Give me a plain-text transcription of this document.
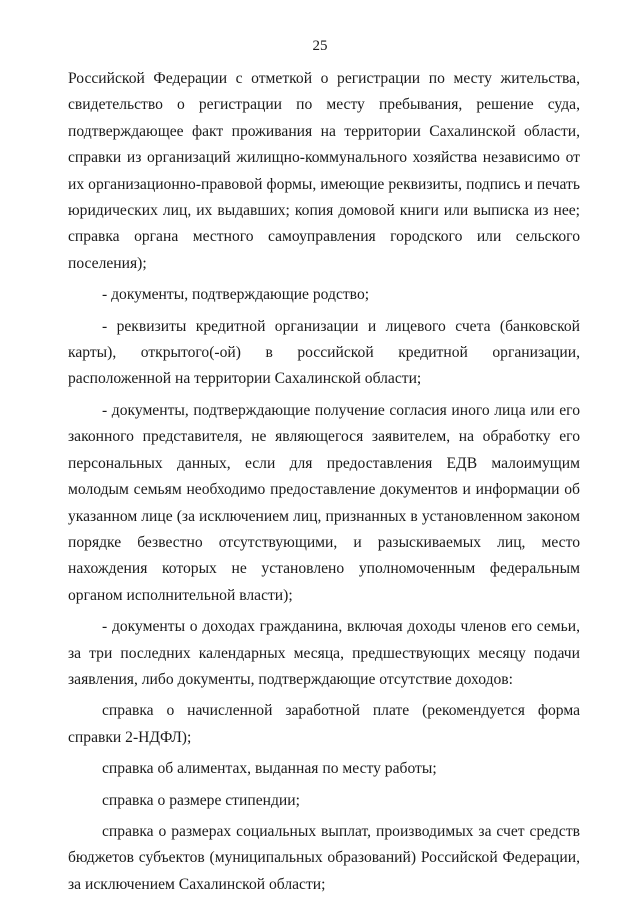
25

Российской Федерации с отметкой о регистрации по месту жительства, свидетельство о регистрации по месту пребывания, решение суда, подтверждающее факт проживания на территории Сахалинской области, справки из организаций жилищно-коммунального хозяйства независимо от их организационно-правовой формы, имеющие реквизиты, подпись и печать юридических лиц, их выдавших; копия домовой книги или выписка из нее; справка органа местного самоуправления городского или сельского поселения);

- документы, подтверждающие родство;

- реквизиты кредитной организации и лицевого счета (банковской карты), открытого(-ой) в российской кредитной организации, расположенной на территории Сахалинской области;

- документы, подтверждающие получение согласия иного лица или его законного представителя, не являющегося заявителем, на обработку его персональных данных, если для предоставления ЕДВ малоимущим молодым семьям необходимо предоставление документов и информации об указанном лице (за исключением лиц, признанных в установленном законом порядке безвестно отсутствующими, и разыскиваемых лиц, место нахождения которых не установлено уполномоченным федеральным органом исполнительной власти);

- документы о доходах гражданина, включая доходы членов его семьи, за три последних календарных месяца, предшествующих месяцу подачи заявления, либо документы, подтверждающие отсутствие доходов:

справка о начисленной заработной плате (рекомендуется форма справки 2-НДФЛ);

справка об алиментах, выданная по месту работы;

справка о размере стипендии;

справка о размерах социальных выплат, производимых за счет средств бюджетов субъектов (муниципальных образований) Российской Федерации, за исключением Сахалинской области;
